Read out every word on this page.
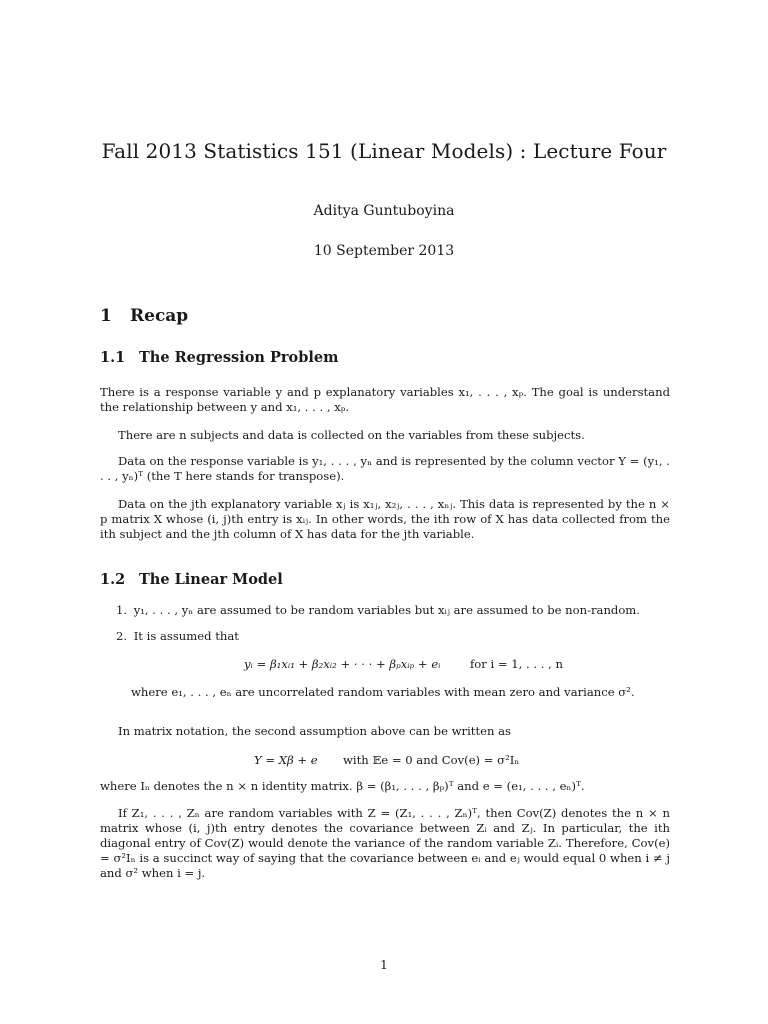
Fall 2013 Statistics 151 (Linear Models) : Lecture Four
Aditya Guntuboyina
10 September 2013
1 Recap
1.1 The Regression Problem
There is a response variable y and p explanatory variables x₁, . . . , xₚ. The goal is understand the relationship between y and x₁, . . . , xₚ.
There are n subjects and data is collected on the variables from these subjects.
Data on the response variable is y₁, . . . , yₙ and is represented by the column vector Y = (y₁, . . . , yₙ)ᵀ (the T here stands for transpose).
Data on the jth explanatory variable xⱼ is x₁ⱼ, x₂ⱼ, . . . , xₙⱼ. This data is represented by the n × p matrix X whose (i, j)th entry is xᵢⱼ. In other words, the ith row of X has data collected from the ith subject and the jth column of X has data for the jth variable.
1.2 The Linear Model
1. y₁, . . . , yₙ are assumed to be random variables but xᵢⱼ are assumed to be non-random.
2. It is assumed that
yᵢ = β₁xᵢ₁ + β₂xᵢ₂ + · · · + βₚxᵢₚ + eᵢ	for i = 1, . . . , n
where e₁, . . . , eₙ are uncorrelated random variables with mean zero and variance σ².
In matrix notation, the second assumption above can be written as
Y = Xβ + e with 𝔼e = 0 and Cov(e) = σ²Iₙ
where Iₙ denotes the n × n identity matrix. β = (β₁, . . . , βₚ)ᵀ and e = (e₁, . . . , eₙ)ᵀ.
If Z₁, . . . , Zₙ are random variables with Z = (Z₁, . . . , Zₙ)ᵀ, then Cov(Z) denotes the n × n matrix whose (i, j)th entry denotes the covariance between Zᵢ and Zⱼ. In particular, the ith diagonal entry of Cov(Z) would denote the variance of the random variable Zᵢ. Therefore, Cov(e) = σ²Iₙ is a succinct way of saying that the covariance between eᵢ and eⱼ would equal 0 when i ≠ j and σ² when i = j.
1
